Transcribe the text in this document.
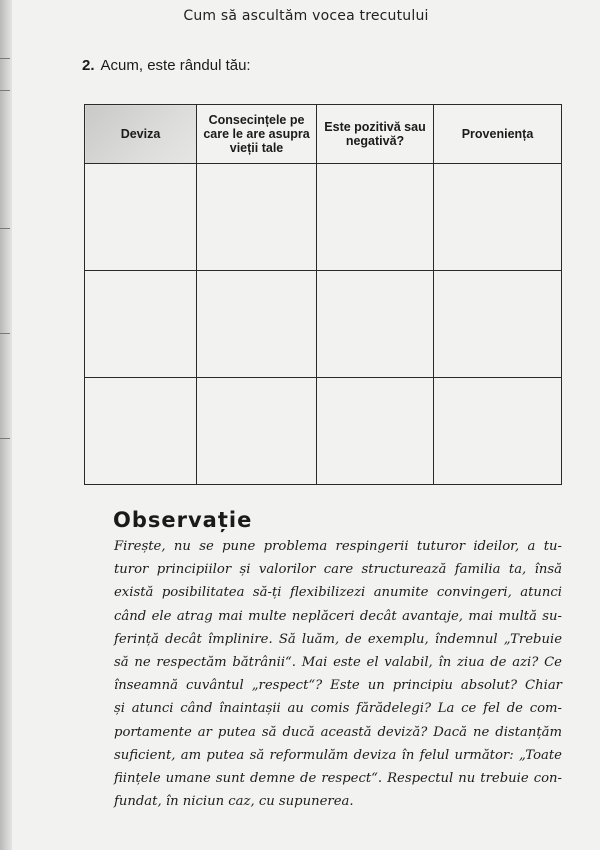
Cum să ascultăm vocea trecutului
2. Acum, este rândul tău:
Deviza	Consecințele pe care le are asupra vieții tale	Este pozitivă sau negativă?	Proveniența

Observație
Firește, nu se pune problema respingerii tuturor ideilor, a tu-
turor principiilor și valorilor care structurează familia ta, însă
există posibilitatea să-ți flexibilizezi anumite convingeri, atunci
când ele atrag mai multe neplăceri decât avantaje, mai multă su-
ferință decât împlinire. Să luăm, de exemplu, îndemnul „Trebuie
să ne respectăm bătrânii“. Mai este el valabil, în ziua de azi? Ce
înseamnă cuvântul „respect“? Este un principiu absolut? Chiar
și atunci când înaintașii au comis fărădelegi? La ce fel de com-
portamente ar putea să ducă această deviză? Dacă ne distanțăm
suficient, am putea să reformulăm deviza în felul următor: „Toate
ființele umane sunt demne de respect“. Respectul nu trebuie con-
fundat, în niciun caz, cu supunerea.
